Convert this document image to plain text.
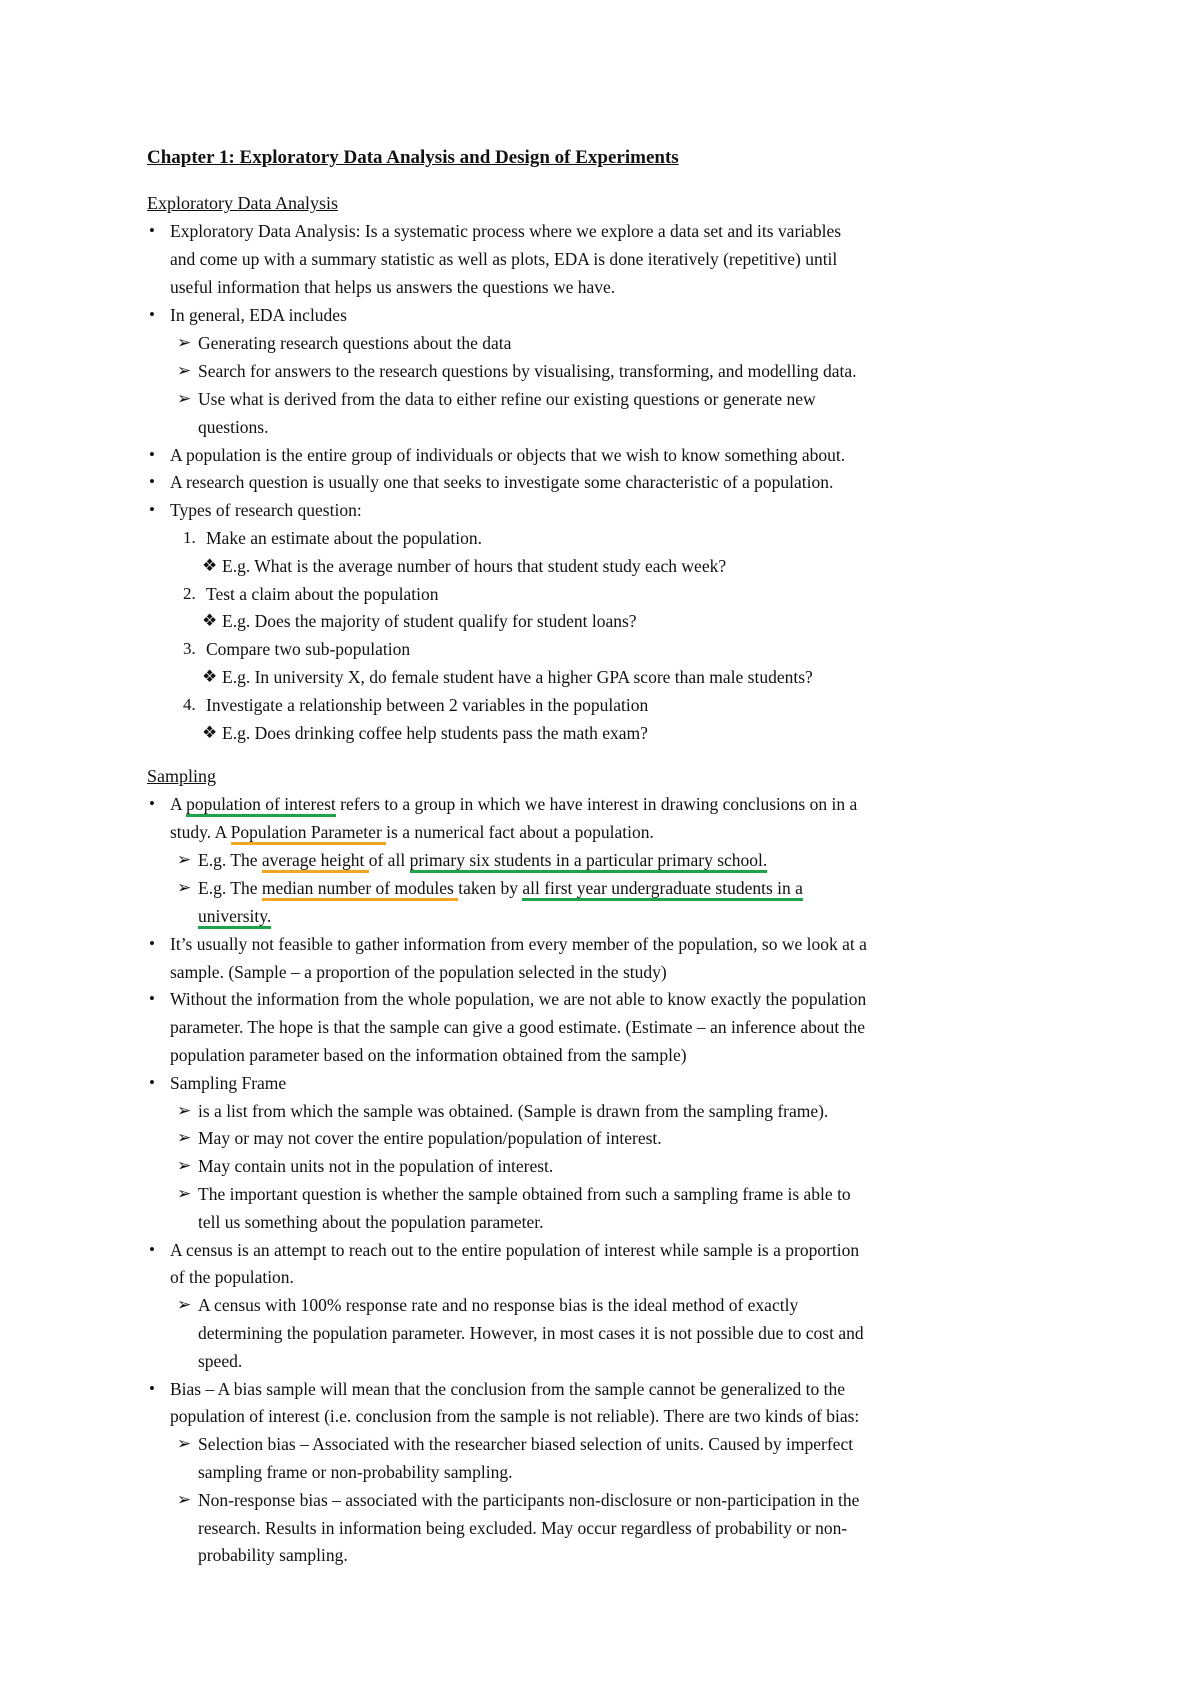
Chapter 1: Exploratory Data Analysis and Design of Experiments
Exploratory Data Analysis
• Exploratory Data Analysis: Is a systematic process where we explore a data set and its variables
and come up with a summary statistic as well as plots, EDA is done iteratively (repetitive) until
useful information that helps us answers the questions we have.
• In general, EDA includes
➢ Generating research questions about the data
➢ Search for answers to the research questions by visualising, transforming, and modelling data.
➢ Use what is derived from the data to either refine our existing questions or generate new
questions.
• A population is the entire group of individuals or objects that we wish to know something about.
• A research question is usually one that seeks to investigate some characteristic of a population.
• Types of research question:
1. Make an estimate about the population.
❖ E.g. What is the average number of hours that student study each week?
2. Test a claim about the population
❖ E.g. Does the majority of student qualify for student loans?
3. Compare two sub-population
❖ E.g. In university X, do female student have a higher GPA score than male students?
4. Investigate a relationship between 2 variables in the population
❖ E.g. Does drinking coffee help students pass the math exam?
Sampling
• A population of interest refers to a group in which we have interest in drawing conclusions on in a
study. A Population Parameter is a numerical fact about a population.
➢ E.g. The average height of all primary six students in a particular primary school.
➢ E.g. The median number of modules taken by all first year undergraduate students in a
university.
• It’s usually not feasible to gather information from every member of the population, so we look at a
sample. (Sample – a proportion of the population selected in the study)
• Without the information from the whole population, we are not able to know exactly the population
parameter. The hope is that the sample can give a good estimate. (Estimate – an inference about the
population parameter based on the information obtained from the sample)
• Sampling Frame
➢ is a list from which the sample was obtained. (Sample is drawn from the sampling frame).
➢ May or may not cover the entire population/population of interest.
➢ May contain units not in the population of interest.
➢ The important question is whether the sample obtained from such a sampling frame is able to
tell us something about the population parameter.
• A census is an attempt to reach out to the entire population of interest while sample is a proportion
of the population.
➢ A census with 100% response rate and no response bias is the ideal method of exactly
determining the population parameter. However, in most cases it is not possible due to cost and
speed.
• Bias – A bias sample will mean that the conclusion from the sample cannot be generalized to the
population of interest (i.e. conclusion from the sample is not reliable). There are two kinds of bias:
➢ Selection bias – Associated with the researcher biased selection of units. Caused by imperfect
sampling frame or non-probability sampling.
➢ Non-response bias – associated with the participants non-disclosure or non-participation in the
research. Results in information being excluded. May occur regardless of probability or non-
probability sampling.
